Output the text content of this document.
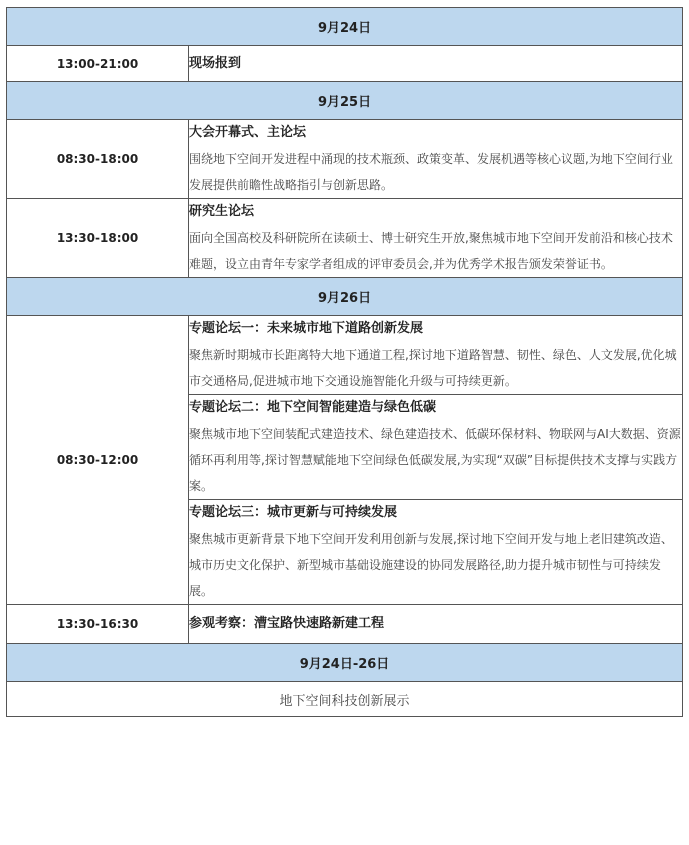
9月24日	
13:00-21:00	现场报到
9月25日	
08:30-18:00	大会开幕式、主论坛
围绕地下空间开发进程中涌现的技术瓶颈、政策变革、发展机遇等核心议题,为地下空间行业发展提供前瞻性战略指引与创新思路。

13:30-18:00	研究生论坛
面向全国高校及科研院所在读硕士、博士研究生开放,聚焦城市地下空间开发前沿和核心技术难题，设立由青年专家学者组成的评审委员会,并为优秀学术报告颁发荣誉证书。

9月26日	
08:30-12:00	专题论坛一：未来城市地下道路创新发展
聚焦新时期城市长距离特大地下通道工程,探讨地下道路智慧、韧性、绿色、人文发展,优化城市交通格局,促进城市地下交通设施智能化升级与可持续更新。

	专题论坛二：地下空间智能建造与绿色低碳
聚焦城市地下空间装配式建造技术、绿色建造技术、低碳环保材料、物联网与AI大数据、资源循环再利用等,探讨智慧赋能地下空间绿色低碳发展,为实现“双碳”目标提供技术支撑与实践方案。

	专题论坛三：城市更新与可持续发展
聚焦城市更新背景下地下空间开发利用创新与发展,探讨地下空间开发与地上老旧建筑改造、城市历史文化保护、新型城市基础设施建设的协同发展路径,助力提升城市韧性与可持续发展。

13:30-16:30	参观考察：漕宝路快速路新建工程
9月24日-26日	
地下空间科技创新展示	
